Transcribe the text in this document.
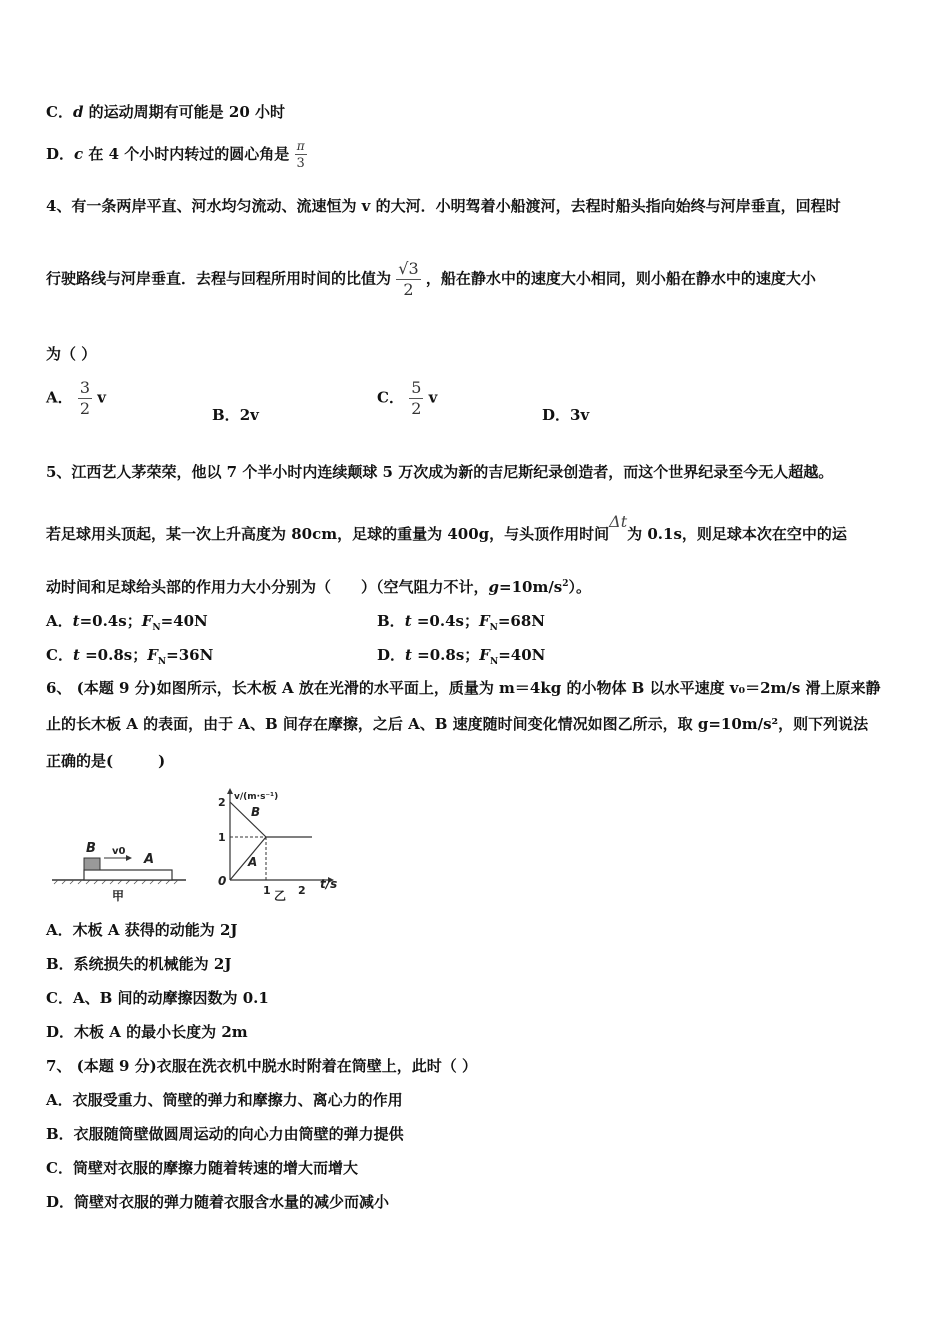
C．d 的运动周期有可能是 20 小时
D．c 在 4 个小时内转过的圆心角是 $\frac{\pi}{3}$
4、有一条两岸平直、河水均匀流动、流速恒为 v 的大河．小明驾着小船渡河，去程时船头指向始终与河岸垂直，回程时
行驶路线与河岸垂直．去程与回程所用时间的比值为 $\frac{√3}{2}$ ，船在静水中的速度大小相同，则小船在静水中的速度大小
为（ ）
A． $\frac{3}{2}$ v
B．2v
C． $\frac{5}{2}$ v
D．3v
5、江西艺人茅荣荣，他以 7 个半小时内连续颠球 5 万次成为新的吉尼斯纪录创造者，而这个世界纪录至今无人超越。
若足球用头顶起，某一次上升高度为 80cm，足球的重量为 400g，与头顶作用时间Δt为 0.1s，则足球本次在空中的运
动时间和足球给头部的作用力大小分别为（　　）（空气阻力不计，$g=10m/s^2$）。
A．t=0.4s；$F_N=40N$	B．t =0.4s；$F_N=68N$
C．t =0.8s；$F_N=36N$	D．t =0.8s；$F_N=40N$
6、 (本题 9 分)如图所示，长木板 A 放在光滑的水平面上，质量为 m＝4kg 的小物体 B 以水平速度 v₀＝2m/s 滑上原来静
止的长木板 A 的表面，由于 A、B 间存在摩擦，之后 A、B 速度随时间变化情况如图乙所示，取 g=10m/s²，则下列说法
正确的是(　　　)
B
A
v0
甲
v/(m·s⁻¹)
t/s
0
2
1
1 2
B
A
乙
A．木板 A 获得的动能为 2J
B．系统损失的机械能为 2J
C．A、B 间的动摩擦因数为 0.1
D．木板 A 的最小长度为 2m
7、 (本题 9 分)衣服在洗衣机中脱水时附着在筒壁上，此时（ ）
A．衣服受重力、筒壁的弹力和摩擦力、离心力的作用
B．衣服随筒壁做圆周运动的向心力由筒壁的弹力提供
C．筒壁对衣服的摩擦力随着转速的增大而增大
D．筒壁对衣服的弹力随着衣服含水量的减少而减小
